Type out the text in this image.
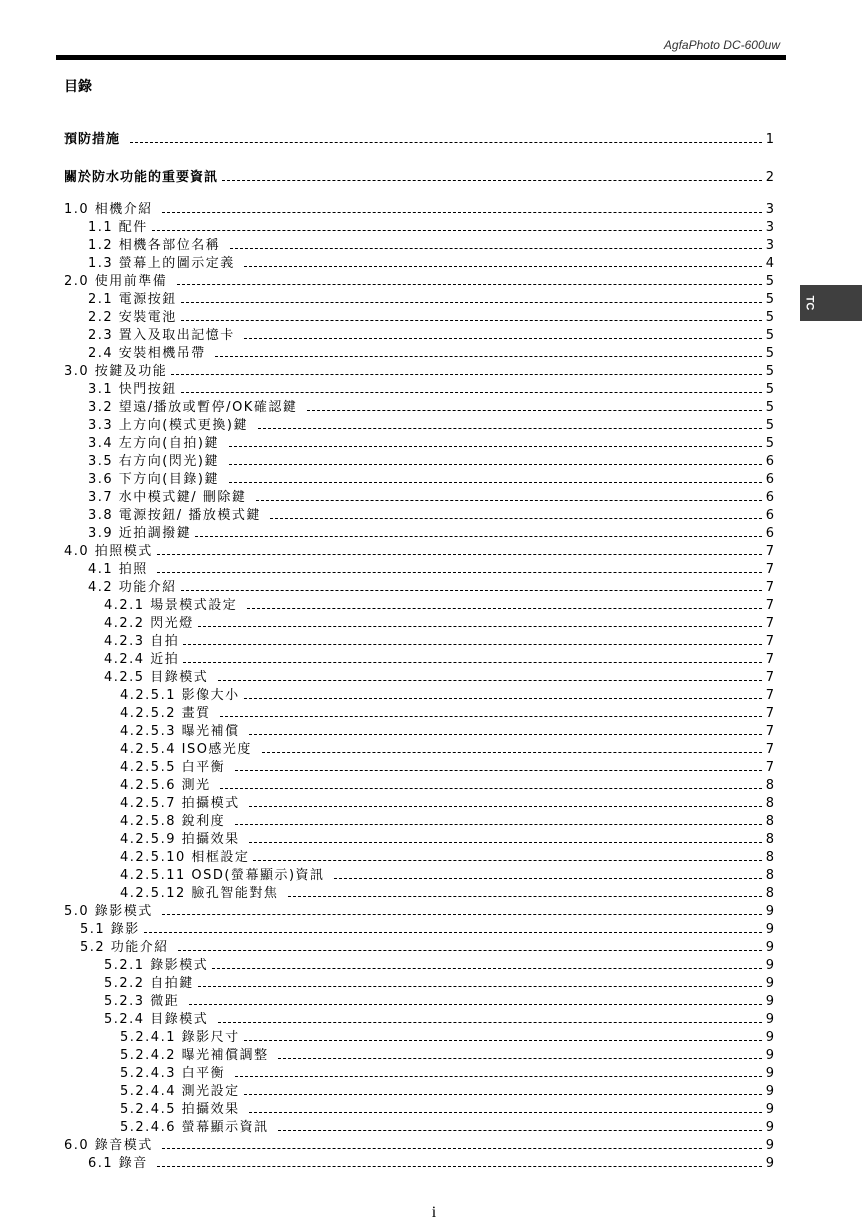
AgfaPhoto DC-600uw
目錄
TC
預防措施	1
關於防水功能的重要資訊	2
1.0 相機介紹	3
1.1 配件	3
1.2 相機各部位名稱	3
1.3 螢幕上的圖示定義	4
2.0 使用前準備	5
2.1 電源按鈕	5
2.2 安裝電池	5
2.3 置入及取出記憶卡	5
2.4 安裝相機吊帶	5
3.0 按鍵及功能	5
3.1 快門按鈕	5
3.2 望遠/播放或暫停/OK確認鍵	5
3.3 上方向(模式更換)鍵	5
3.4 左方向(自拍)鍵	5
3.5 右方向(閃光)鍵	6
3.6 下方向(目錄)鍵	6
3.7 水中模式鍵/ 刪除鍵	6
3.8 電源按鈕/ 播放模式鍵	6
3.9 近拍調撥鍵	6
4.0 拍照模式	7
4.1 拍照	7
4.2 功能介紹	7
4.2.1 場景模式設定	7
4.2.2 閃光燈	7
4.2.3 自拍	7
4.2.4 近拍	7
4.2.5 目錄模式	7
4.2.5.1 影像大小	7
4.2.5.2 畫質	7
4.2.5.3 曝光補償	7
4.2.5.4 ISO感光度	7
4.2.5.5 白平衡	7
4.2.5.6 測光	8
4.2.5.7 拍攝模式	8
4.2.5.8 銳利度	8
4.2.5.9 拍攝效果	8
4.2.5.10 相框設定	8
4.2.5.11 OSD(螢幕顯示)資訊	8
4.2.5.12 臉孔智能對焦	8
5.0 錄影模式	9
5.1 錄影	9
5.2 功能介紹	9
5.2.1 錄影模式	9
5.2.2 自拍鍵	9
5.2.3 微距	9
5.2.4 目錄模式	9
5.2.4.1 錄影尺寸	9
5.2.4.2 曝光補償調整	9
5.2.4.3 白平衡	9
5.2.4.4 測光設定	9
5.2.4.5 拍攝效果	9
5.2.4.6 螢幕顯示資訊	9
6.0 錄音模式	9
6.1 錄音	9
i
